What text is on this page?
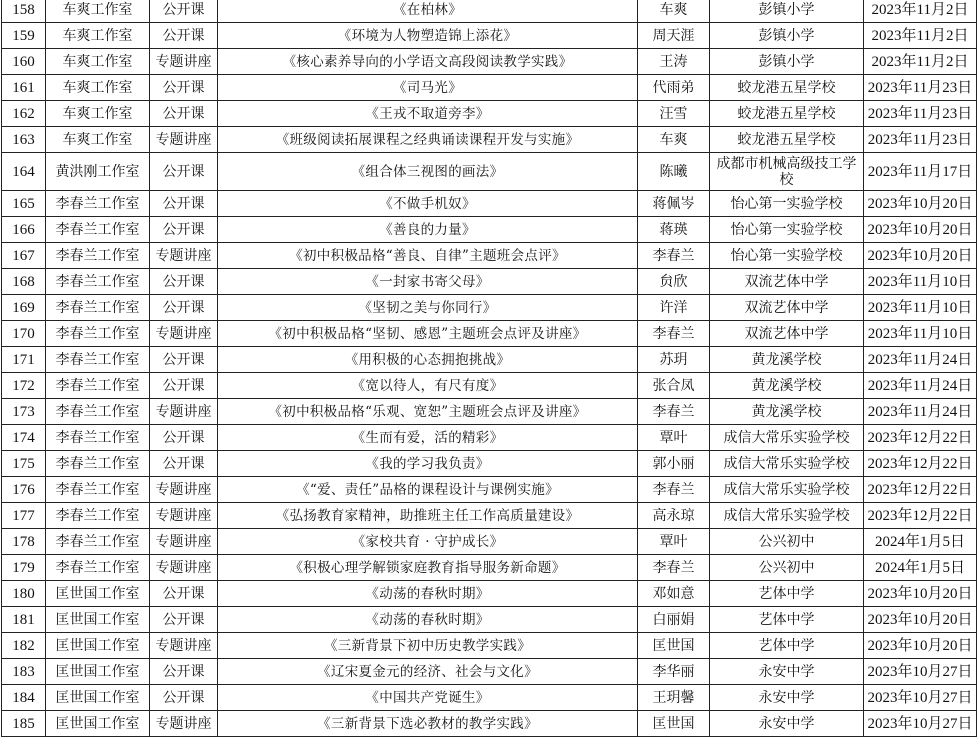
158	车爽工作室	公开课	《在柏林》	车爽	彭镇小学	2023年11月2日
159	车爽工作室	公开课	《环境为人物塑造锦上添花》	周天涯	彭镇小学	2023年11月2日
160	车爽工作室	专题讲座	《核心素养导向的小学语文高段阅读教学实践》	王涛	彭镇小学	2023年11月2日
161	车爽工作室	公开课	《司马光》	代雨弟	蛟龙港五星学校	2023年11月23日
162	车爽工作室	公开课	《王戎不取道旁李》	汪雪	蛟龙港五星学校	2023年11月23日
163	车爽工作室	专题讲座	《班级阅读拓展课程之经典诵读课程开发与实施》	车爽	蛟龙港五星学校	2023年11月23日
164	黄洪刚工作室	公开课	《组合体三视图的画法》	陈曦	成都市机械高级技工学校	2023年11月17日
165	李春兰工作室	公开课	《不做手机奴》	蒋佩岑	怡心第一实验学校	2023年10月20日
166	李春兰工作室	公开课	《善良的力量》	蒋瑛	怡心第一实验学校	2023年10月20日
167	李春兰工作室	专题讲座	《初中积极品格“善良、自律”主题班会点评》	李春兰	怡心第一实验学校	2023年10月20日
168	李春兰工作室	公开课	《一封家书寄父母》	贠欣	双流艺体中学	2023年11月10日
169	李春兰工作室	公开课	《坚韧之美与你同行》	许洋	双流艺体中学	2023年11月10日
170	李春兰工作室	专题讲座	《初中积极品格“坚韧、感恩”主题班会点评及讲座》	李春兰	双流艺体中学	2023年11月10日
171	李春兰工作室	公开课	《用积极的心态拥抱挑战》	苏玥	黄龙溪学校	2023年11月24日
172	李春兰工作室	公开课	《宽以待人，有尺有度》	张合凤	黄龙溪学校	2023年11月24日
173	李春兰工作室	专题讲座	《初中积极品格“乐观、宽恕”主题班会点评及讲座》	李春兰	黄龙溪学校	2023年11月24日
174	李春兰工作室	公开课	《生而有爱，活的精彩》	覃叶	成信大常乐实验学校	2023年12月22日
175	李春兰工作室	公开课	《我的学习我负责》	郭小丽	成信大常乐实验学校	2023年12月22日
176	李春兰工作室	专题讲座	《“爱、责任”品格的课程设计与课例实施》	李春兰	成信大常乐实验学校	2023年12月22日
177	李春兰工作室	专题讲座	《弘扬教育家精神，助推班主任工作高质量建设》	高永琼	成信大常乐实验学校	2023年12月22日
178	李春兰工作室	专题讲座	《家校共育 · 守护成长》	覃叶	公兴初中	2024年1月5日
179	李春兰工作室	专题讲座	《积极心理学解锁家庭教育指导服务新命题》	李春兰	公兴初中	2024年1月5日
180	匡世国工作室	公开课	《动荡的春秋时期》	邓如意	艺体中学	2023年10月20日
181	匡世国工作室	公开课	《动荡的春秋时期》	白丽娟	艺体中学	2023年10月20日
182	匡世国工作室	专题讲座	《三新背景下初中历史教学实践》	匡世国	艺体中学	2023年10月20日
183	匡世国工作室	公开课	《辽宋夏金元的经济、社会与文化》	李华丽	永安中学	2023年10月27日
184	匡世国工作室	公开课	《中国共产党诞生》	王玥馨	永安中学	2023年10月27日
185	匡世国工作室	专题讲座	《三新背景下选必教材的教学实践》	匡世国	永安中学	2023年10月27日
